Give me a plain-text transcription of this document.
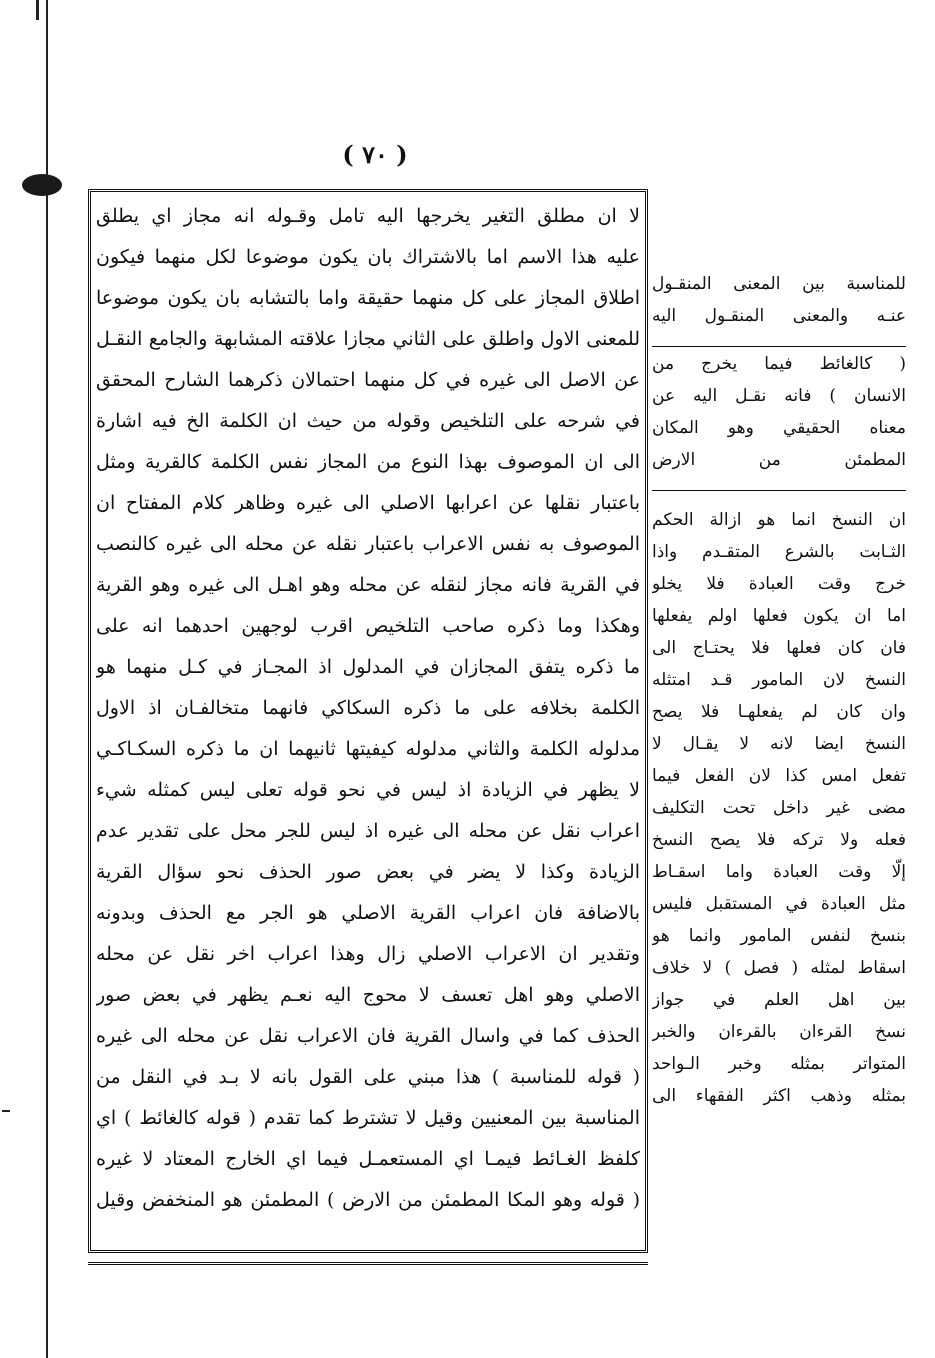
( ٧٠ )
لا ان مطلق التغير يخرجها اليه تامل وقـوله انه مجاز اي يطلق
عليه هذا الاسم اما بالاشتراك بان يكون موضوعا لكل منهما فيكون
اطلاق المجاز على كل منهما حقيقة واما بالتشابه بان يكون موضوعا
للمعنى الاول واطلق على الثاني مجازا علاقته المشابهة والجامع النقـل
عن الاصل الى غيره في كل منهما احتمالان ذكرهما الشارح المحقق
في شرحه على التلخيص وقوله من حيث ان الكلمة الخ فيه اشارة
الى ان الموصوف بهذا النوع من المجاز نفس الكلمة كالقرية ومثل
باعتبار نقلها عن اعرابها الاصلي الى غيره وظاهر كلام المفتاح ان
الموصوف به نفس الاعراب باعتبار نقله عن محله الى غيره كالنصب
في القرية فانه مجاز لنقله عن محله وهو اهـل الى غيره وهو القرية
وهكذا وما ذكره صاحب التلخيص اقرب لوجهين احدهما انه على
ما ذكره يتفق المجازان في المدلول اذ المجـاز في كـل منهما هو
الكلمة بخلافه على ما ذكره السكاكي فانهما متخالفـان اذ الاول
مدلوله الكلمة والثاني مدلوله كيفيتها ثانيهما ان ما ذكره السكـاكـي
لا يظهر في الزيادة اذ ليس في نحو قوله تعلى ليس كمثله شيء
اعراب نقل عن محله الى غيره اذ ليس للجر محل على تقدير عدم
الزيادة وكذا لا يضر في بعض صور الحذف نحو سؤال القرية
بالاضافة فان اعراب القرية الاصلي هو الجر مع الحذف وبدونه
وتقدير ان الاعراب الاصلي زال وهذا اعراب اخر نقل عن محله
الاصلي وهو اهل تعسف لا محوج اليه نعـم يظهر في بعض صور
الحذف كما في واسال القرية فان الاعراب نقل عن محله الى غيره
( قوله للمناسبة ) هذا مبني على القول بانه لا بـد في النقل من
المناسبة بين المعنيين وقيل لا تشترط كما تقدم ( قوله كالغائط ) اي
كلفظ الغـائط فيمـا اي المستعمـل فيما اي الخارج المعتاد لا غيره
( قوله وهو المكا المطمئن من الارض ) المطمئن هو المنخفض وقيل
للمناسبة بين المعنى المنقـول
عنـه والمعنى المنقـول اليه
( كالغائط فيما يخرج من
الانسان ) فانه نقـل اليه عن
معناه الحقيقي وهو المكان
المطمئن من الارض
ان النسخ انما هو ازالة الحكم
الثـابت بالشرع المتقـدم واذا
خرج وقت العبادة فلا يخلو
اما ان يكون فعلها اولم يفعلها
فان كان فعلها فلا يحتـاج الى
النسخ لان المامور قـد امتثله
وان كان لم يفعلهـا فلا يصح
النسخ ايضا لانه لا يقـال لا
تفعل امس كذا لان الفعل فيما
مضى غير داخل تحت التكليف
فعله ولا تركه فلا يصح النسخ
إلّا وقت العبادة واما اسقـاط
مثل العبادة في المستقبل فليس
بنسخ لنفس المامور وانما هو
اسقاط لمثله ( فصل ) لا خلاف
بين اهل العلم في جواز
نسخ القرءان بالقرءان والخبر
المتواتر بمثله وخبر الـواحد
بمثله وذهب اكثر الفقهاء الى
